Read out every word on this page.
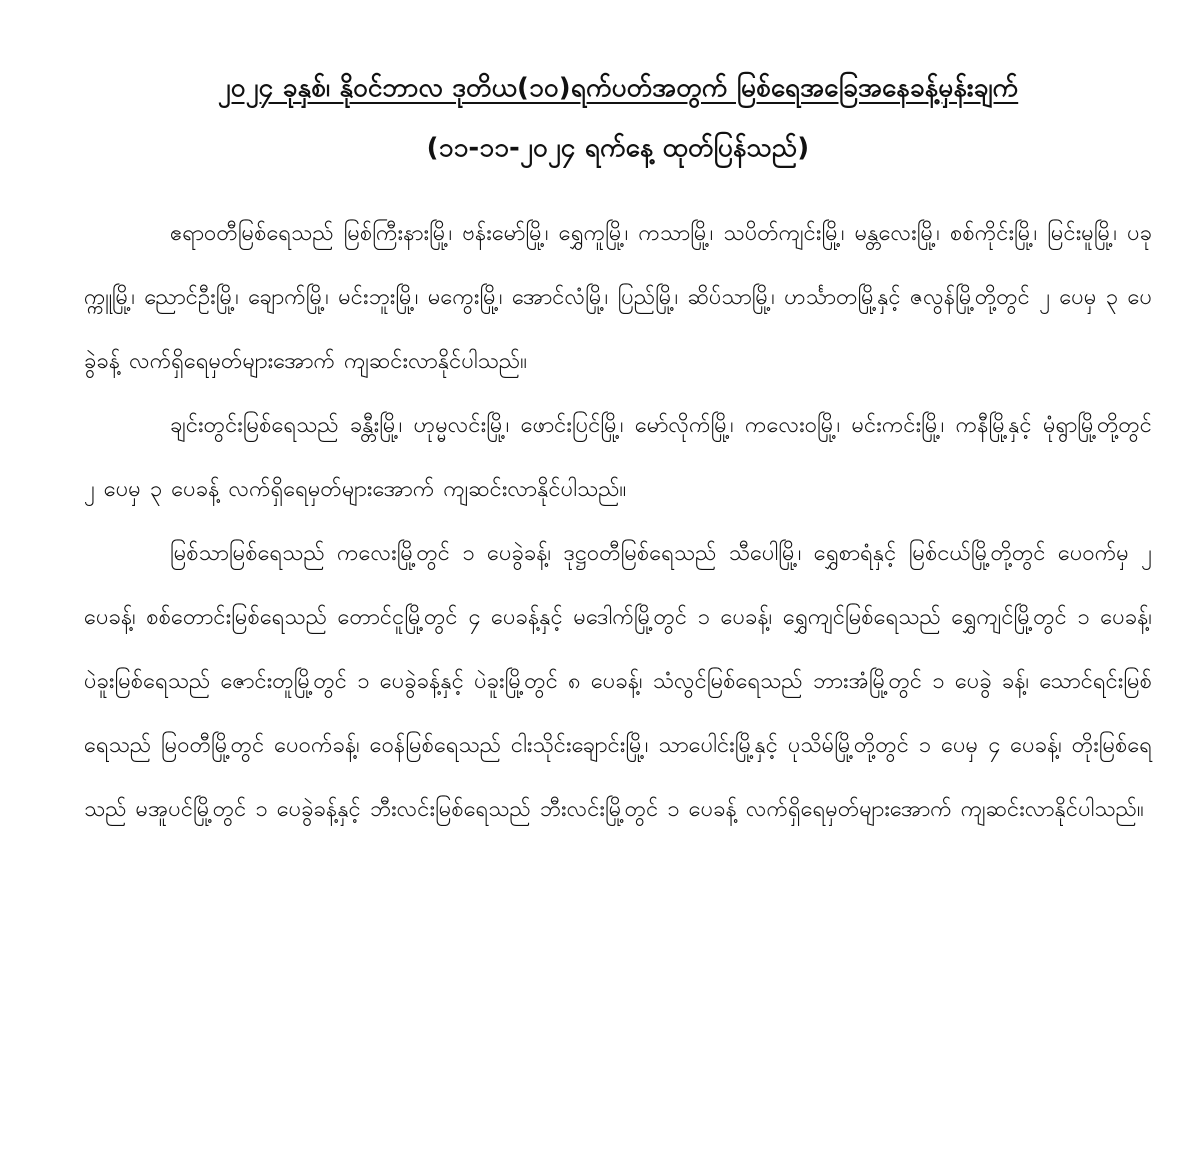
၂၀၂၄ ခုနှစ်၊ နိုဝင်ဘာလ ဒုတိယ(၁၀)ရက်ပတ်အတွက် မြစ်ရေအခြေအနေခန့်မှန်းချက်

(၁၁-၁၁-၂၀၂၄ ရက်နေ့ ထုတ်ပြန်သည်)

ဧရာဝတီမြစ်ရေသည် မြစ်ကြီးနားမြို့၊ ဗန်းမော်မြို့၊ ရွှေကူမြို့၊ ကသာမြို့၊ သပိတ်ကျင်းမြို့၊ မန္တလေးမြို့၊ စစ်ကိုင်းမြို့၊ မြင်းမူမြို့၊ ပခုက္ကူမြို့၊ ညောင်ဦးမြို့၊ ချောက်မြို့၊ မင်းဘူးမြို့၊ မကွေးမြို့၊ အောင်လံမြို့၊ ပြည်မြို့၊ ဆိပ်သာမြို့၊ ဟင်္သာတမြို့နှင့် ဇလွန်မြို့တို့တွင် ၂ ပေမှ ၃ ပေခွဲခန့် လက်ရှိရေမှတ်များအောက် ကျဆင်းလာနိုင်ပါသည်။

ချင်းတွင်းမြစ်ရေသည် ခန္တီးမြို့၊ ဟုမ္မလင်းမြို့၊ ဖောင်းပြင်မြို့၊ မော်လိုက်မြို့၊ ကလေးဝမြို့၊ မင်းကင်းမြို့၊ ကနီမြို့နှင့် မုံရွာမြို့တို့တွင် ၂ ပေမှ ၃ ပေခန့် လက်ရှိရေမှတ်များအောက် ကျဆင်းလာနိုင်ပါသည်။

မြစ်သာမြစ်ရေသည် ကလေးမြို့တွင် ၁ ပေခွဲခန့်၊ ဒုဋ္ဌဝတီမြစ်ရေသည် သီပေါမြို့၊ ရွှေစာရံနှင့် မြစ်ငယ်မြို့တို့တွင် ပေဝက်မှ ၂ ပေခန့်၊ စစ်တောင်းမြစ်ရေသည် တောင်ငူမြို့တွင် ၄ ပေခန့်နှင့် မဒေါက်မြို့တွင် ၁ ပေခန့်၊ ရွှေကျင်မြစ်ရေသည် ရွှေကျင်မြို့တွင် ၁ ပေခန့်၊ ပဲခူးမြစ်ရေသည် ဇောင်းတူမြို့တွင် ၁ ပေခွဲခန့်နှင့် ပဲခူးမြို့တွင် ၈ ပေခန့်၊ သံလွင်မြစ်ရေသည် ဘားအံမြို့တွင် ၁ ပေခွဲ ခန့်၊ သောင်ရင်းမြစ်ရေသည် မြဝတီမြို့တွင် ပေဝက်ခန့်၊ ဝေန်မြစ်ရေသည် ငါးသိုင်းချောင်းမြို့၊ သာပေါင်းမြို့နှင့် ပုသိမ်မြို့တို့တွင် ၁ ပေမှ ၄ ပေခန့်၊ တိုးမြစ်ရေသည် မအူပင်မြို့တွင် ၁ ပေခွဲခန့်နှင့် ဘီးလင်းမြစ်ရေသည် ဘီးလင်းမြို့တွင် ၁ ပေခန့် လက်ရှိရေမှတ်များအောက် ကျဆင်းလာနိုင်ပါသည်။
